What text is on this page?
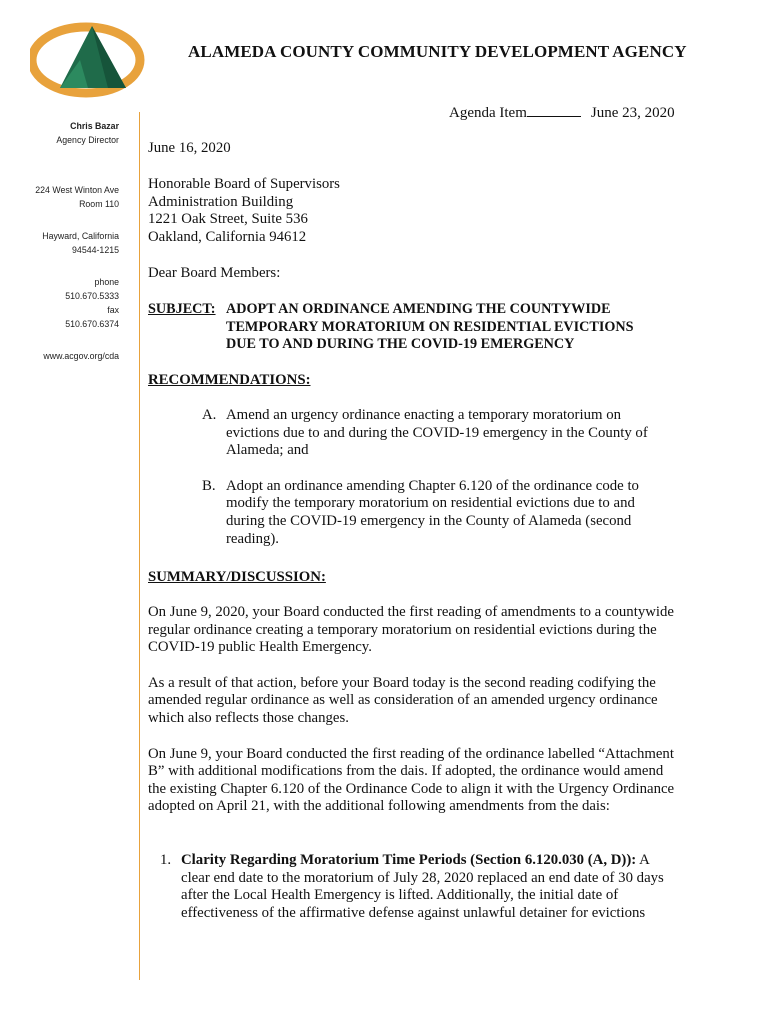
ALAMEDA COUNTY COMMUNITY DEVELOPMENT AGENCY
Agenda Item	June 23, 2020
Chris Bazar
Agency Director
224 West Winton Ave
Room 110
Hayward, California
94544-1215
phone
510.670.5333
fax
510.670.6374
www.acgov.org/cda
June 16, 2020
Honorable Board of Supervisors
Administration Building
1221 Oak Street, Suite 536
Oakland, California 94612
Dear Board Members:
SUBJECT: ADOPT AN ORDINANCE AMENDING THE COUNTYWIDE
TEMPORARY MORATORIUM ON RESIDENTIAL EVICTIONS
DUE TO AND DURING THE COVID-19 EMERGENCY
RECOMMENDATIONS:
A. Amend an urgency ordinance enacting a temporary moratorium on evictions due to and during the COVID-19 emergency in the County of Alameda; and
B. Adopt an ordinance amending Chapter 6.120 of the ordinance code to modify the temporary moratorium on residential evictions due to and during the COVID-19 emergency in the County of Alameda (second reading).
SUMMARY/DISCUSSION:

On June 9, 2020, your Board conducted the first reading of amendments to a countywide regular ordinance creating a temporary moratorium on residential evictions during the COVID-19 public Health Emergency.

As a result of that action, before your Board today is the second reading codifying the amended regular ordinance as well as consideration of an amended urgency ordinance which also reflects those changes.

On June 9, your Board conducted the first reading of the ordinance labelled “Attachment B” with additional modifications from the dais. If adopted, the ordinance would amend the existing Chapter 6.120 of the Ordinance Code to align it with the Urgency Ordinance adopted on April 21, with the additional following amendments from the dais:

1. Clarity Regarding Moratorium Time Periods (Section 6.120.030 (A, D)): A clear end date to the moratorium of July 28, 2020 replaced an end date of 30 days after the Local Health Emergency is lifted. Additionally, the initial date of effectiveness of the affirmative defense against unlawful detainer for evictions
